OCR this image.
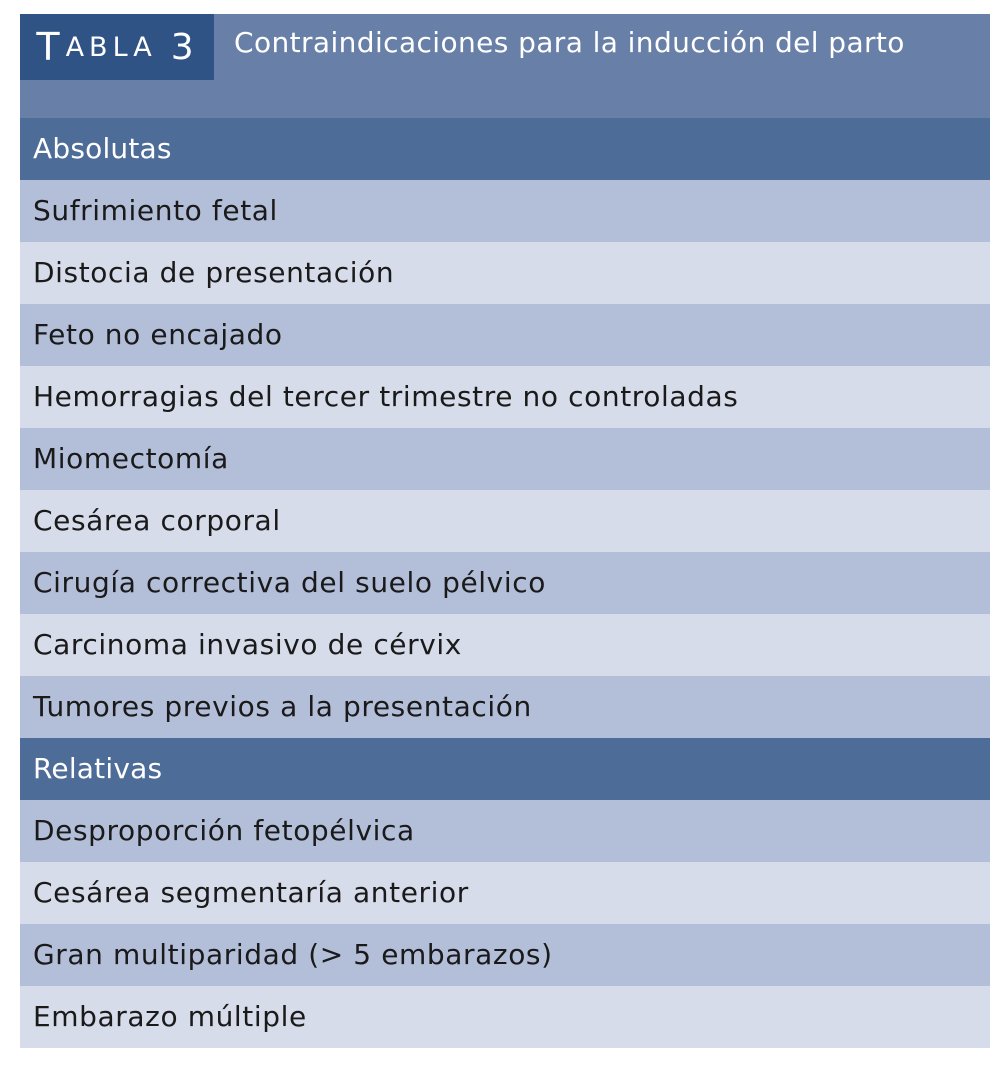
T ABLA 3 Contraindicaciones para la inducción del parto
Absolutas
Sufrimiento fetal
Distocia de presentación
Feto no encajado
Hemorragias del tercer trimestre no controladas
Miomectomía
Cesárea corporal
Cirugía correctiva del suelo pélvico
Carcinoma invasivo de cérvix
Tumores previos a la presentación
Relativas
Desproporción fetopélvica
Cesárea segmentaría anterior
Gran multiparidad (> 5 embarazos)
Embarazo múltiple
